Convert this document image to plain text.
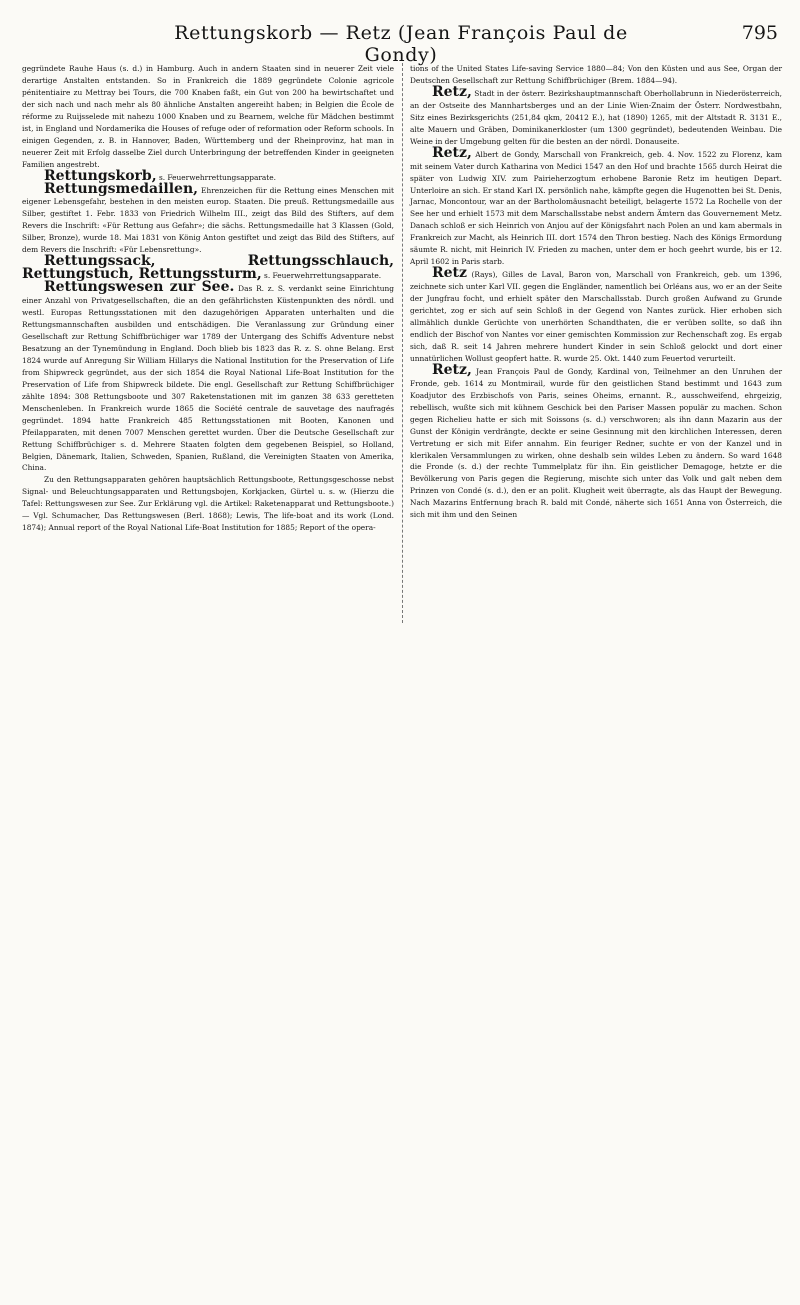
Rettungskorb — Retz (Jean François Paul de Gondy)
795

gegründete Rauhe Haus (s. d.) in Hamburg. Auch in andern Staaten sind in neuerer Zeit viele derartige Anstalten entstanden. So in Frankreich die 1889 gegründete Colonie agricole pénitentiaire zu Mettray bei Tours, die 700 Knaben faßt, ein Gut von 200 ha bewirtschaftet und der sich nach und nach mehr als 80 ähnliche Anstalten angereiht haben; in Belgien die École de réforme zu Ruijsselede mit nahezu 1000 Knaben und zu Bearnem, welche für Mädchen bestimmt ist, in England und Nordamerika die Houses of refuge oder of reformation oder Reform schools. In einigen Gegenden, z. B. in Hannover, Baden, Württemberg und der Rheinprovinz, hat man in neuerer Zeit mit Erfolg dasselbe Ziel durch Unterbringung der betreffenden Kinder in geeigneten Familien angestrebt.

Rettungskorb, s. Feuerwehrrettungsapparate.

Rettungsmedaillen, Ehrenzeichen für die Rettung eines Menschen mit eigener Lebensgefahr, bestehen in den meisten europ. Staaten. Die preuß. Rettungsmedaille aus Silber, gestiftet 1. Febr. 1833 von Friedrich Wilhelm III., zeigt das Bild des Stifters, auf dem Revers die Inschrift: «Für Rettung aus Gefahr»; die sächs. Rettungsmedaille hat 3 Klassen (Gold, Silber, Bronze), wurde 18. Mai 1831 von König Anton gestiftet und zeigt das Bild des Stifters, auf dem Revers die Inschrift: «Für Lebensrettung».

Rettungssack, Rettungsschlauch, Rettungstuch, Rettungssturm, s. Feuerwehrrettungsapparate.

Rettungswesen zur See. Das R. z. S. verdankt seine Einrichtung einer Anzahl von Privatgesellschaften, die an den gefährlichsten Küstenpunkten des nördl. und westl. Europas Rettungsstationen mit den dazugehörigen Apparaten unterhalten und die Rettungsmannschaften ausbilden und entschädigen. Die Veranlassung zur Gründung einer Gesellschaft zur Rettung Schiffbrüchiger war 1789 der Untergang des Schiffs Adventure nebst Besatzung an der Tynemündung in England. Doch blieb bis 1823 das R. z. S. ohne Belang. Erst 1824 wurde auf Anregung Sir William Hillarys die National Institution for the Preservation of Life from Shipwreck gegründet, aus der sich 1854 die Royal National Life-Boat Institution for the Preservation of Life from Shipwreck bildete. Die engl. Gesellschaft zur Rettung Schiffbrüchiger zählte 1894: 308 Rettungsboote und 307 Raketenstationen mit im ganzen 38 633 geretteten Menschenleben. In Frankreich wurde 1865 die Société centrale de sauvetage des naufragés gegründet. 1894 hatte Frankreich 485 Rettungsstationen mit Booten, Kanonen und Pfeilapparaten, mit denen 7007 Menschen gerettet wurden. Über die Deutsche Gesellschaft zur Rettung Schiffbrüchiger s. d. Mehrere Staaten folgten dem gegebenen Beispiel, so Holland, Belgien, Dänemark, Italien, Schweden, Spanien, Rußland, die Vereinigten Staaten von Amerika, China.

Zu den Rettungsapparaten gehören hauptsächlich Rettungsboote, Rettungsgeschosse nebst Signal- und Beleuchtungsapparaten und Rettungsbojen, Korkjacken, Gürtel u. s. w. (Hierzu die Tafel: Rettungswesen zur See. Zur Erklärung vgl. die Artikel: Raketenapparat und Rettungsboote.) — Vgl. Schumacher, Das Rettungswesen (Berl. 1868); Lewis, The life-boat and its work (Lond. 1874); Annual report of the Royal National Life-Boat Institution for 1885; Report of the opera-

tions of the United States Life-saving Service 1880—84; Von den Küsten und aus See, Organ der Deutschen Gesellschaft zur Rettung Schiffbrüchiger (Brem. 1884—94).

Retz, Stadt in der österr. Bezirkshauptmannschaft Oberhollabrunn in Niederösterreich, an der Ostseite des Mannhartsberges und an der Linie Wien-Znaim der Österr. Nordwestbahn, Sitz eines Bezirksgerichts (251,84 qkm, 20412 E.), hat (1890) 1265, mit der Altstadt R. 3131 E., alte Mauern und Gräben, Dominikanerkloster (um 1300 gegründet), bedeutenden Weinbau. Die Weine in der Umgebung gelten für die besten an der nördl. Donauseite.

Retz, Albert de Gondy, Marschall von Frankreich, geb. 4. Nov. 1522 zu Florenz, kam mit seinem Vater durch Katharina von Medici 1547 an den Hof und brachte 1565 durch Heirat die später von Ludwig XIV. zum Pairieherzogtum erhobene Baronie Retz im heutigen Depart. Unterloire an sich. Er stand Karl IX. persönlich nahe, kämpfte gegen die Hugenotten bei St. Denis, Jarnac, Moncontour, war an der Bartholomäusnacht beteiligt, belagerte 1572 La Rochelle von der See her und erhielt 1573 mit dem Marschallsstabe nebst andern Ämtern das Gouvernement Metz. Danach schloß er sich Heinrich von Anjou auf der Königsfahrt nach Polen an und kam abermals in Frankreich zur Macht, als Heinrich III. dort 1574 den Thron bestieg. Nach des Königs Ermordung säumte R. nicht, mit Heinrich IV. Frieden zu machen, unter dem er hoch geehrt wurde, bis er 12. April 1602 in Paris starb.

Retz (Rays), Gilles de Laval, Baron von, Marschall von Frankreich, geb. um 1396, zeichnete sich unter Karl VII. gegen die Engländer, namentlich bei Orléans aus, wo er an der Seite der Jungfrau focht, und erhielt später den Marschallsstab. Durch großen Aufwand zu Grunde gerichtet, zog er sich auf sein Schloß in der Gegend von Nantes zurück. Hier erhoben sich allmählich dunkle Gerüchte von unerhörten Schandthaten, die er verüben sollte, so daß ihn endlich der Bischof von Nantes vor einer gemischten Kommission zur Rechenschaft zog. Es ergab sich, daß R. seit 14 Jahren mehrere hundert Kinder in sein Schloß gelockt und dort einer unnatürlichen Wollust geopfert hatte. R. wurde 25. Okt. 1440 zum Feuertod verurteilt.

Retz, Jean François Paul de Gondy, Kardinal von, Teilnehmer an den Unruhen der Fronde, geb. 1614 zu Montmirail, wurde für den geistlichen Stand bestimmt und 1643 zum Koadjutor des Erzbischofs von Paris, seines Oheims, ernannt. R., ausschweifend, ehrgeizig, rebellisch, wußte sich mit kühnem Geschick bei den Pariser Massen populär zu machen. Schon gegen Richelieu hatte er sich mit Soissons (s. d.) verschworen; als ihn dann Mazarin aus der Gunst der Königin verdrängte, deckte er seine Gesinnung mit den kirchlichen Interessen, deren Vertretung er sich mit Eifer annahm. Ein feuriger Redner, suchte er von der Kanzel und in klerikalen Versammlungen zu wirken, ohne deshalb sein wildes Leben zu ändern. So ward 1648 die Fronde (s. d.) der rechte Tummelplatz für ihn. Ein geistlicher Demagoge, hetzte er die Bevölkerung von Paris gegen die Regierung, mischte sich unter das Volk und galt neben dem Prinzen von Condé (s. d.), den er an polit. Klugheit weit überragte, als das Haupt der Bewegung. Nach Mazarins Entfernung brach R. bald mit Condé, näherte sich 1651 Anna von Österreich, die sich mit ihm und den Seinen
